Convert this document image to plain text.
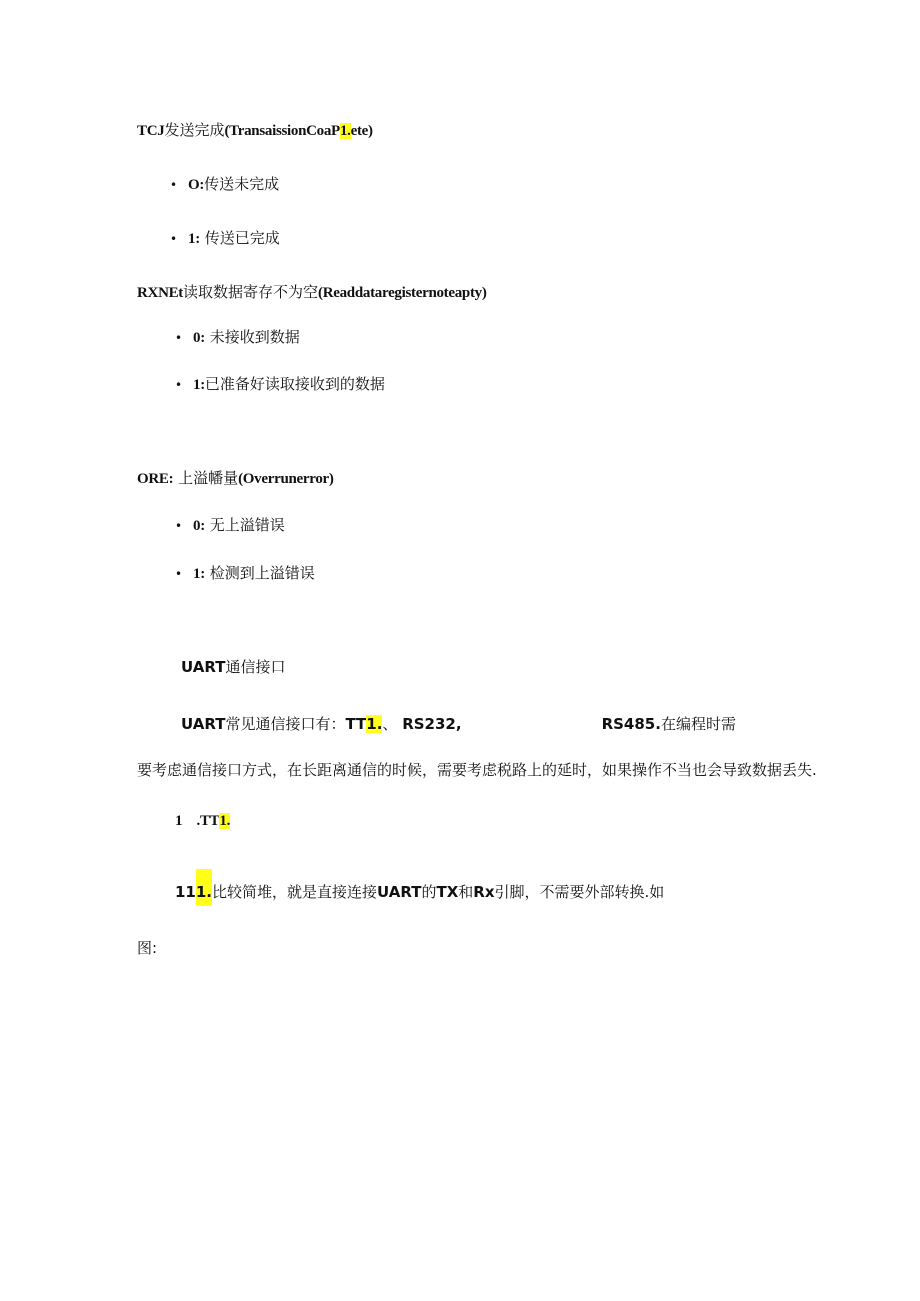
TCJ发送完成(TransaissionCoaP1.ete)
• O:传送未完成
• 1: 传送已完成
RXNEt读取数据寄存不为空(Readdataregisternoteapty)
• 0: 未接收到数据
• 1:已准备好读取接收到的数据
ORE: 上溢幡量(Overrunerror)
• 0: 无上溢错误
• 1: 检测到上溢错误
UART通信接口
UART常见通信接口有：TT1.、 RS232,	RS485.在编程时需
要考虑通信接口方式，在长距离通信的时候，需要考虑税路上的延时，如果操作不当也会导致数据丢失.
1 .TT1.
111.比较简堆，就是直接连接UART的TX和Rx引脚，不需要外部转换.如
图:
